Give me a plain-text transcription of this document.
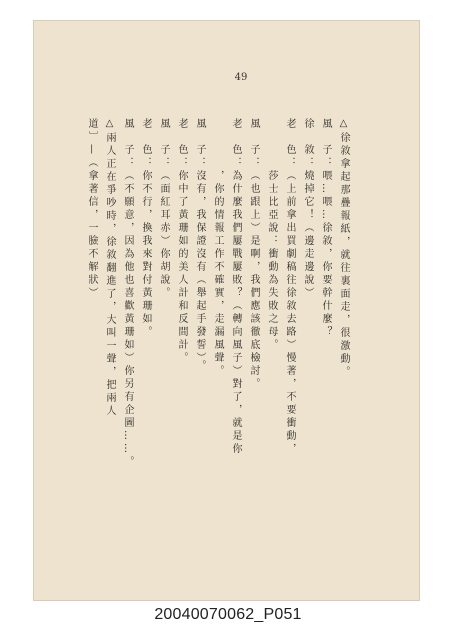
49
△徐敘拿起那疊報紙，就往裏面走，很激動。
風　子：喂…喂…徐敘，你要幹什麼？
徐　敘：燒掉它！（邊走邊說）
老　色：（上前拿出買劇稿往徐敘去路）慢著，不要衝動，
　　　　莎士比亞說：衝動為失敗之母。
風　子：（也跟上）是啊，我們應該徹底檢討。
老　色：為什麼我們屢戰屢敗？（轉向風子）對了，就是你
　　　　，你的情報工作不確實，走漏風聲。
風　子：沒有，我保證沒有（舉起手發誓）。
老　色：你中了黃珊如的美人計和反間計。
風　子：（面紅耳赤）你胡說。
老　色：你不行，換我來對付黃珊如。
風　子：（不願意，因為他也喜歡黃珊如）你另有企圖……。
△兩人正在爭吵時，徐敘翻進了，大叫一聲，把兩人
道〕—（拿著信，一臉不解狀）
20040070062_P051
